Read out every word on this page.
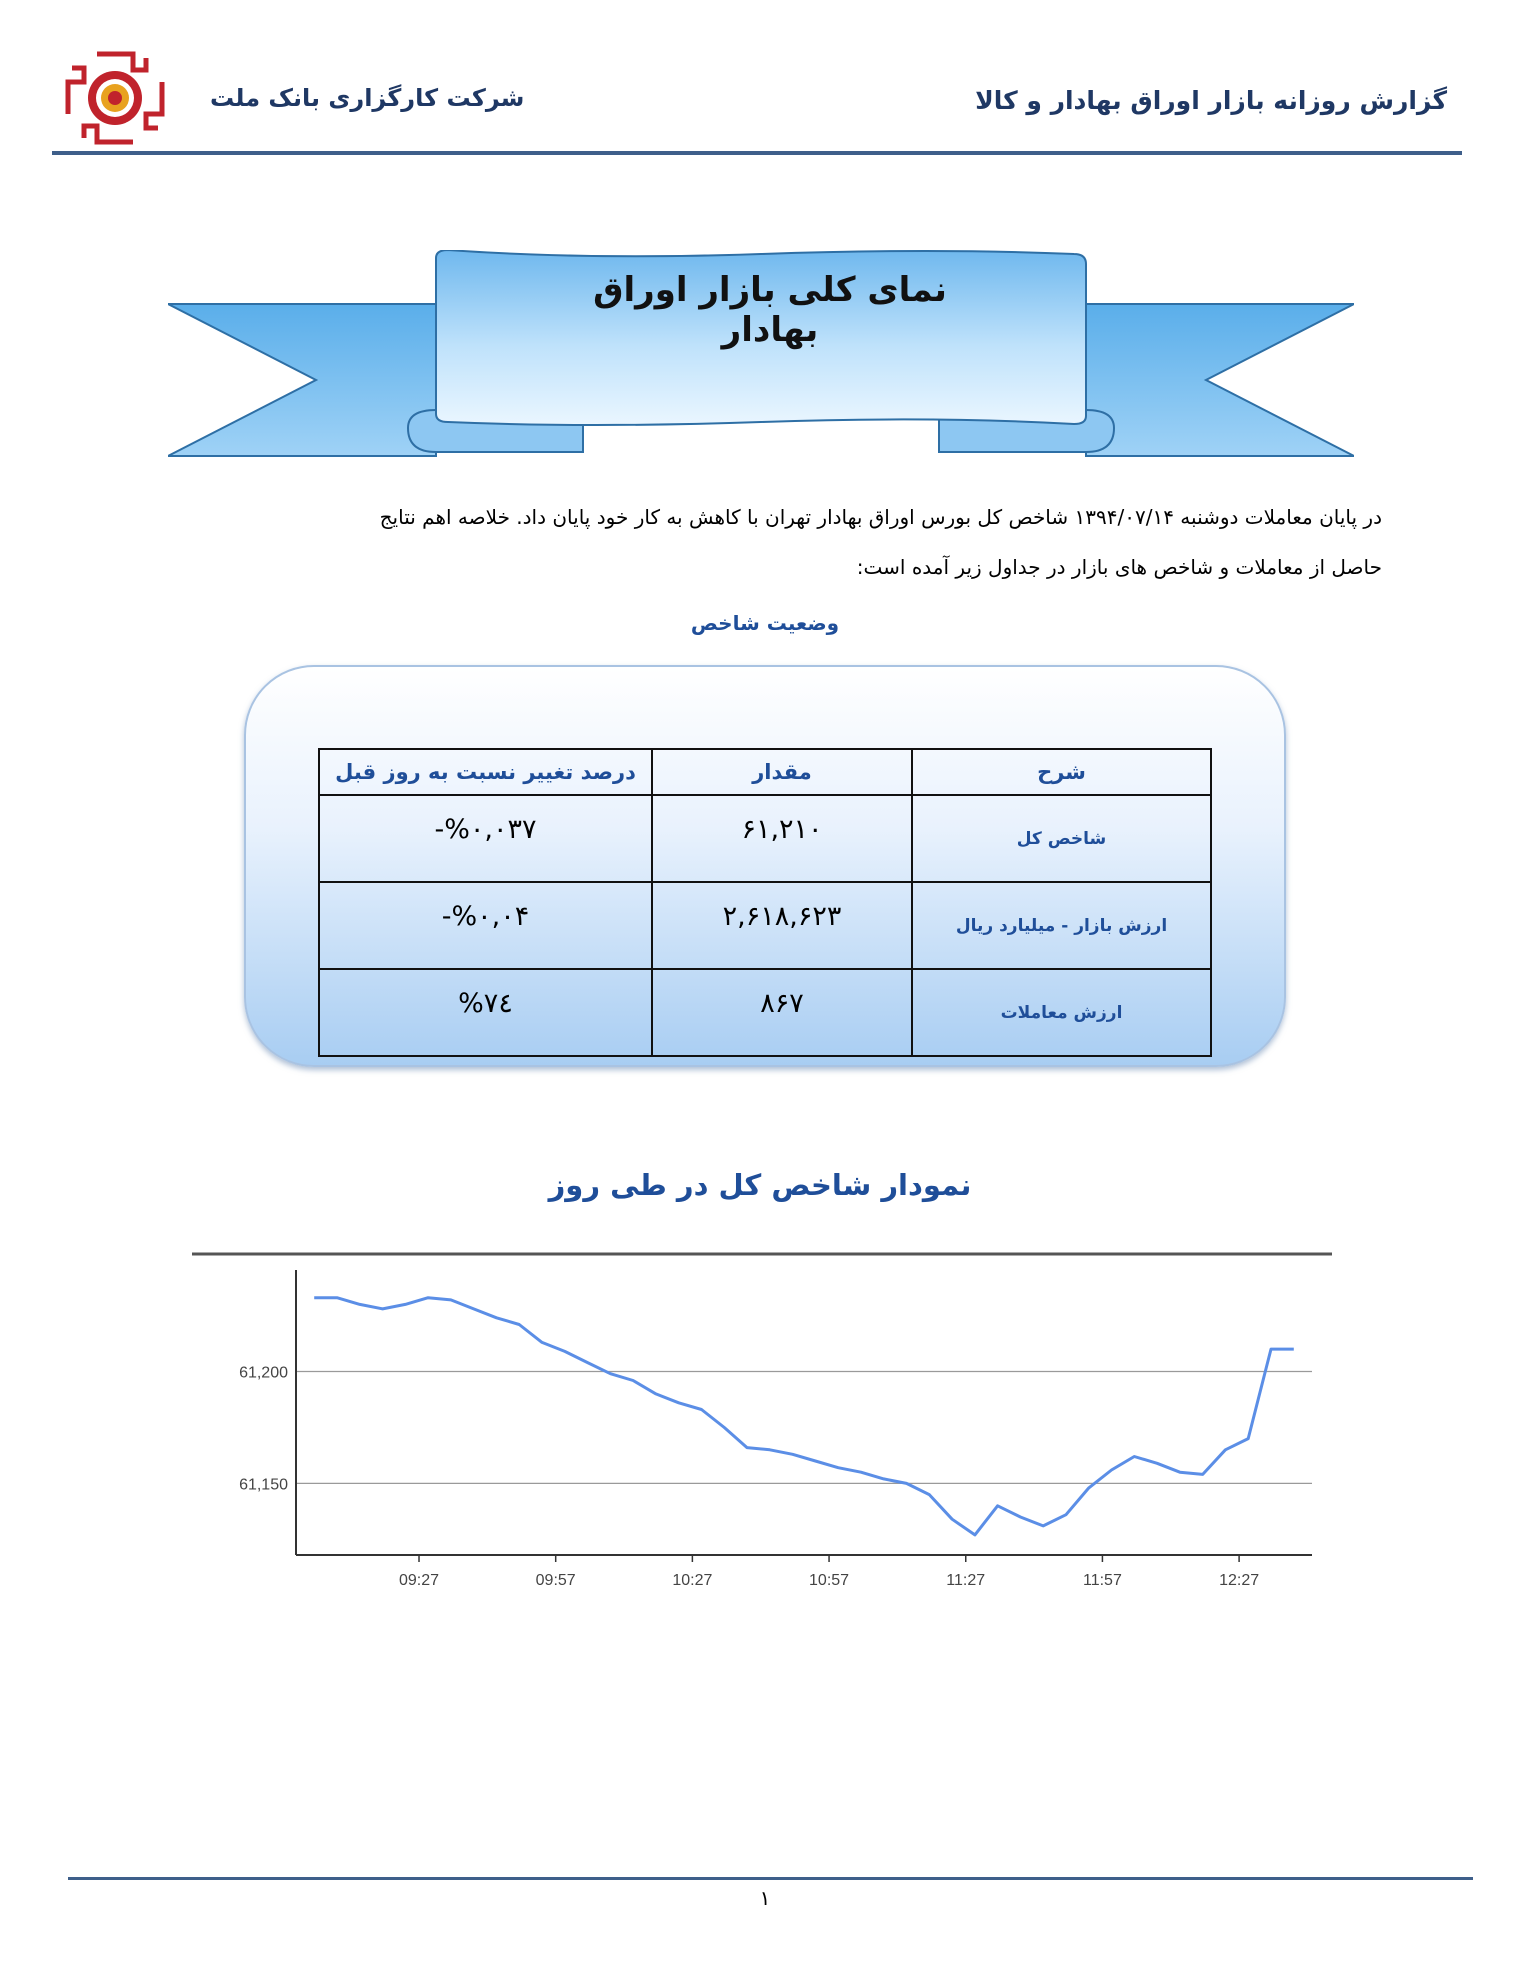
شرکت کارگزاری بانک ملت	گزارش روزانه بازار اوراق بهادار و کالا
نمای کلی بازار اوراق بهادار

در پایان معاملات دوشنبه ۱۳۹۴/۰۷/۱۴ شاخص کل بورس اوراق بهادار تهران با کاهش به کار خود پایان داد. خلاصه اهم نتایج

حاصل از معاملات و شاخص های بازار در جداول زیر آمده است:

وضعیت شاخص
شرح	مقدار	درصد تغییر نسبت به روز قبل
شاخص کل	۶۱,۲۱۰	-%۰,۰۳۷
ارزش بازار - میلیارد ریال	۲,۶۱۸,۶۲۳	-%۰,۰۴
ارزش معاملات	۸۶۷	%۷٤
نمودار شاخص کل در طی روز
61,200
61,150
09:27	09:57	10:27	10:57	11:27	11:57	12:27
۱
